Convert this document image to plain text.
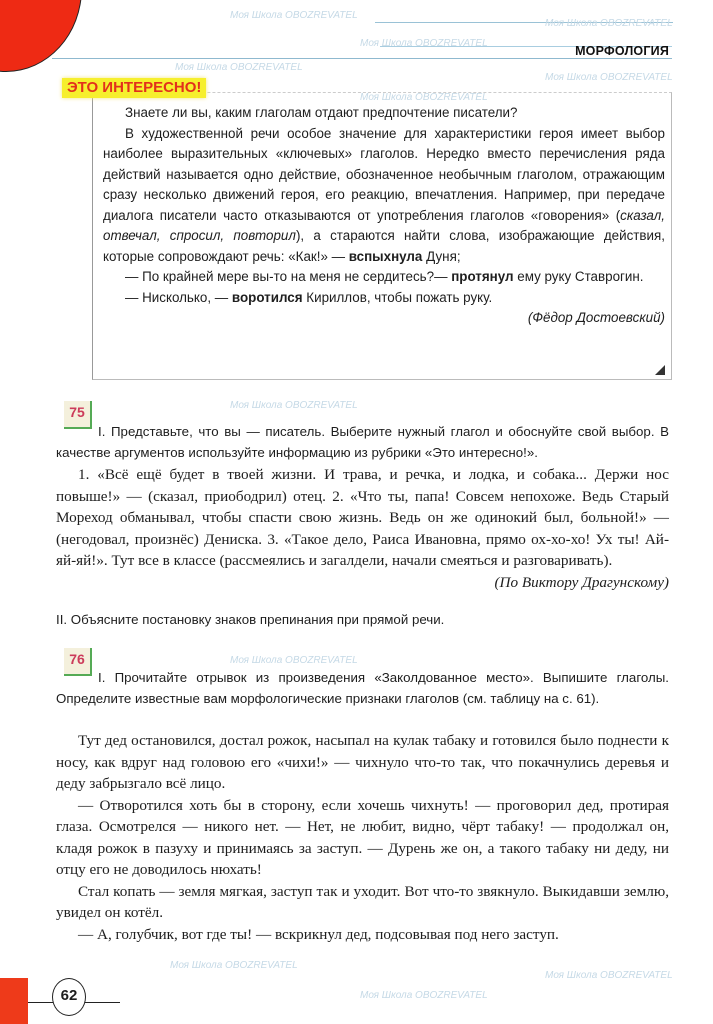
МОРФОЛОГИЯ
Моя Школа OBOZREVATEL
Моя Школа OBOZREVATEL
Моя Школа OBOZREVATEL
Моя Школа OBOZREVATEL
Моя Школа OBOZREVATEL
Моя Школа OBOZREVATEL
Моя Школа OBOZREVATEL
Моя Школа OBOZREVATEL
Моя Школа OBOZREVATEL
Моя Школа OBOZREVATEL
Моя Школа OBOZREVATEL
ЭТО ИНТЕРЕСНО!

Знаете ли вы, каким глаголам отдают предпочтение писатели?

В художественной речи особое значение для характеристики героя имеет выбор наиболее выразительных «ключевых» глаголов. Нередко вместо перечисления ряда действий называется одно действие, обозначенное необычным глаголом, отражающим сразу несколько движений героя, его реакцию, впечатления. Например, при передаче диалога писатели часто отказываются от употребления глаголов «говорения» (сказал, отвечал, спросил, повторил), а стараются найти слова, изображающие действия, которые сопровождают речь: «Как!» — вспыхнула Дуня;

— По крайней мере вы-то на меня не сердитесь?— протянул ему руку Ставрогин.

— Нисколько, — воротился Кириллов, чтобы пожать руку.

(Фёдор Достоевский)

75

I. Представьте, что вы — писатель. Выберите нужный глагол и обоснуйте свой выбор. В качестве аргументов используйте информацию из рубрики «Это интересно!».

1. «Всё ещё будет в твоей жизни. И трава, и речка, и лодка, и собака... Держи нос повыше!» — (сказал, приободрил) отец. 2. «Что ты, папа! Совсем непохоже. Ведь Старый Мореход обманывал, чтобы спасти свою жизнь. Ведь он же одинокий был, больной!» — (негодовал, произнёс) Дениска. 3. «Такое дело, Раиса Ивановна, прямо ох-хо-хо! Ух ты! Ай-яй-яй!». Тут все в классе (рассмеялись и загалдели, начали смеяться и разговаривать).

(По Виктору Драгунскому)

II. Объясните постановку знаков препинания при прямой речи.

76

I. Прочитайте отрывок из произведения «Заколдованное место». Выпишите глаголы. Определите известные вам морфологические признаки глаголов (см. таблицу на с. 61).

Тут дед остановился, достал рожок, насыпал на кулак табаку и готовился было поднести к носу, как вдруг над головою его «чихи!» — чихнуло что-то так, что покачнулись деревья и деду забрызгало всё лицо.

— Отворотился хоть бы в сторону, если хочешь чихнуть! — проговорил дед, протирая глаза. Осмотрелся — никого нет. — Нет, не любит, видно, чёрт табаку! — продолжал он, кладя рожок в пазуху и принимаясь за заступ. — Дурень же он, а такого табаку ни деду, ни отцу его не доводилось нюхать!

Стал копать — земля мягкая, заступ так и уходит. Вот что-то звякнуло. Выкидавши землю, увидел он котёл.

— А, голубчик, вот где ты! — вскрикнул дед, подсовывая под него заступ.

62
